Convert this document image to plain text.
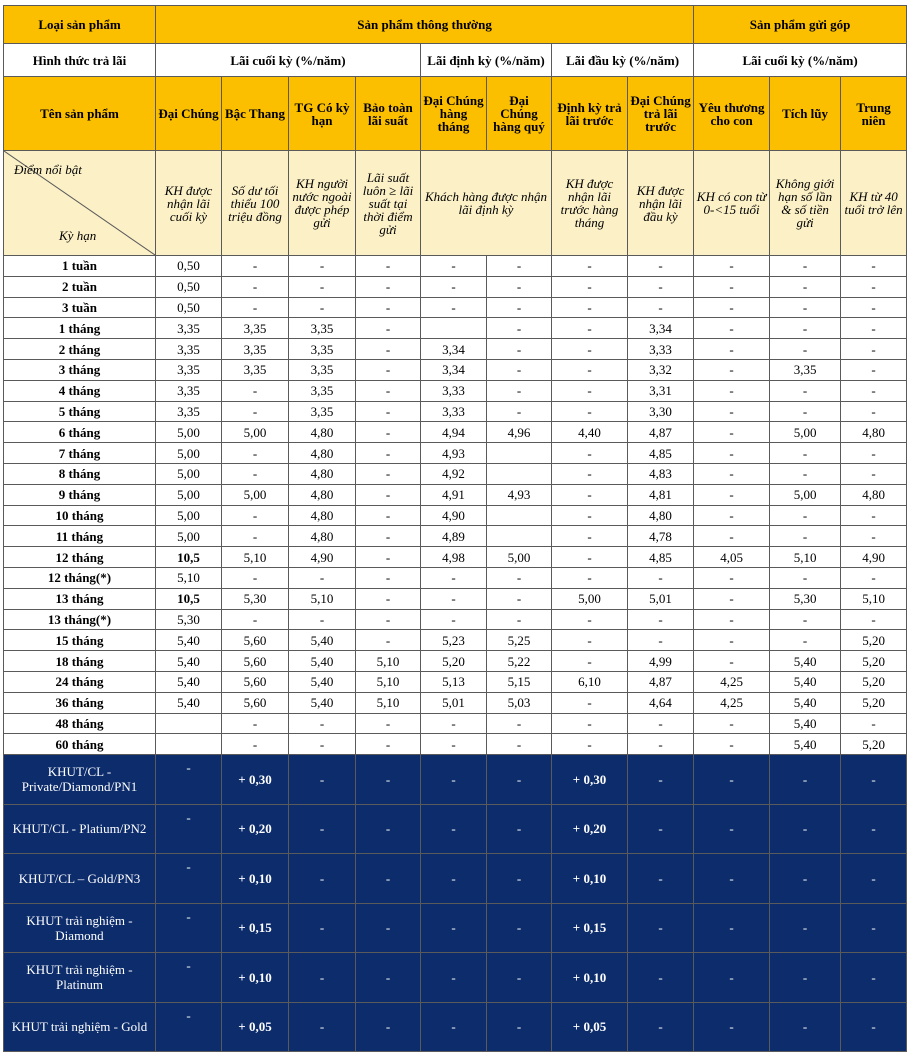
Loại sản phẩm	Sản phẩm thông thường								Sản phẩm gửi góp		
Hình thức trả lãi	Lãi cuối kỳ (%/năm)				Lãi định kỳ (%/năm)		Lãi đầu kỳ (%/năm)		Lãi cuối kỳ (%/năm)		
Tên sản phẩm	Đại Chúng	Bậc Thang	TG Có kỳ hạn	Bảo toàn lãi suất	Đại Chúng hàng tháng	Đại Chúng hàng quý	Định kỳ trả lãi trước	Đại Chúng trả lãi trước	Yêu thương cho con	Tích lũy	Trung niên

Điểm nổi bật
Kỳ hạn	KH được nhận lãi cuối kỳ	Số dư tối thiểu 100 triệu đồng	KH người nước ngoài được phép gửi	Lãi suất luôn ≥ lãi suất tại thời điểm gửi	Khách hàng được nhận lãi định kỳ		KH được nhận lãi trước hàng tháng	KH được nhận lãi đầu kỳ	KH có con từ 0-<15 tuổi	Không giới hạn số lần & số tiền gửi	KH từ 40 tuổi trở lên
1 tuần	0,50	-	-	-	-	-	-	-	-	-	-
2 tuần	0,50	-	-	-	-	-	-	-	-	-	-
3 tuần	0,50	-	-	-	-	-	-	-	-	-	-
1 tháng	3,35	3,35	3,35	-		-	-	3,34	-	-	-
2 tháng	3,35	3,35	3,35	-	3,34	-	-	3,33	-	-	-
3 tháng	3,35	3,35	3,35	-	3,34	-	-	3,32	-	3,35	-
4 tháng	3,35	-	3,35	-	3,33	-	-	3,31	-	-	-
5 tháng	3,35	-	3,35	-	3,33	-	-	3,30	-	-	-
6 tháng	5,00	5,00	4,80	-	4,94	4,96	4,40	4,87	-	5,00	4,80
7 tháng	5,00	-	4,80	-	4,93		-	4,85	-	-	-
8 tháng	5,00	-	4,80	-	4,92		-	4,83	-	-	-
9 tháng	5,00	5,00	4,80	-	4,91	4,93	-	4,81	-	5,00	4,80
10 tháng	5,00	-	4,80	-	4,90		-	4,80	-	-	-
11 tháng	5,00	-	4,80	-	4,89		-	4,78	-	-	-
12 tháng	10,5	5,10	4,90	-	4,98	5,00	-	4,85	4,05	5,10	4,90
12 tháng(*)	5,10	-	-	-	-	-	-	-	-	-	-
13 tháng	10,5	5,30	5,10	-	-	-	5,00	5,01	-	5,30	5,10
13 tháng(*)	5,30	-	-	-	-	-	-	-	-	-	-
15 tháng	5,40	5,60	5,40	-	5,23	5,25	-	-	-	-	5,20
18 tháng	5,40	5,60	5,40	5,10	5,20	5,22	-	4,99	-	5,40	5,20
24 tháng	5,40	5,60	5,40	5,10	5,13	5,15	6,10	4,87	4,25	5,40	5,20
36 tháng	5,40	5,60	5,40	5,10	5,01	5,03	-	4,64	4,25	5,40	5,20
48 tháng		-	-	-	-	-	-	-	-	5,40	-
60 tháng		-	-	-	-	-	-	-	-	5,40	5,20
KHUT/CL - Private/Diamond/PN1	-	+ 0,30	-	-	-	-	+ 0,30	-	-	-	-
KHUT/CL - Platium/PN2	-	+ 0,20	-	-	-	-	+ 0,20	-	-	-	-
KHUT/CL – Gold/PN3	-	+ 0,10	-	-	-	-	+ 0,10	-	-	-	-
KHUT trải nghiệm - Diamond	-	+ 0,15	-	-	-	-	+ 0,15	-	-	-	-
KHUT trải nghiệm - Platinum	-	+ 0,10	-	-	-	-	+ 0,10	-	-	-	-
KHUT trải nghiệm - Gold	-	+ 0,05	-	-	-	-	+ 0,05	-	-	-	-
